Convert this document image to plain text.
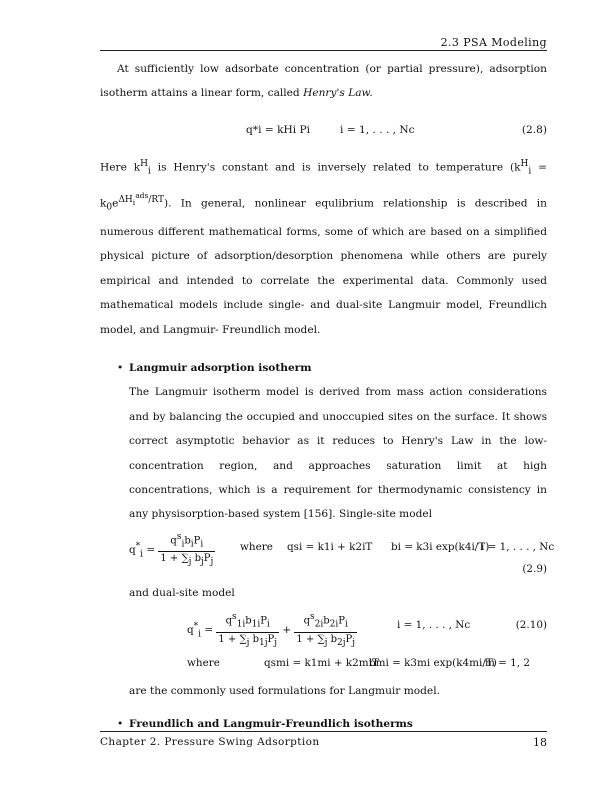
2.3 PSA Modeling

At sufficiently low adsorbate concentration (or partial pressure), adsorption isotherm attains a linear form, called Henry's Law.

q*i = kHi Pi	i = 1, . . . , Nc	(2.8)

Here $k^H_i$ is Henry's constant and is inversely related to temperature $(k^H_i = k_0e^{\Delta H_i^{ads}/RT})$. In general, nonlinear equlibrium relationship is described in numerous different mathematical forms, some of which are based on a simplified physical picture of adsorption/desorption phenomena while others are purely empirical and intended to correlate the experimental data. Commonly used mathematical models include single- and dual-site Langmuir model, Freundlich model, and Langmuir- Freundlich model.

• Langmuir adsorption isotherm
The Langmuir isotherm model is derived from mass action considerations and by balancing the occupied and unoccupied sites on the surface. It shows correct asymptotic behavior as it reduces to Henry's Law in the low-concentration region, and approaches saturation limit at high concentrations, which is a requirement for thermodynamic consistency in any physisorption-based system [156]. Single-site model
$q^*_i = \frac{q^s_ib_iP_i}{1 + \sum_j b_jP_j}$ where qsi = k1i + k2iT bi = k3i exp(k4i/T)
i = 1, . . . , Nc
(2.9)
and dual-site model
$q^*_i = \frac{q^s_{1i}b_{1i}P_i}{1 + \sum_j b_{1j}P_j} + \frac{q^s_{2i}b_{2i}P_i}{1 + \sum_j b_{2j}P_j}$	i = 1, . . . , Nc	(2.10)
where	qsmi = k1mi + k2miT
bmi = k3mi exp(k4mi/T)
m = 1, 2
are the commonly used formulations for Langmuir model.
• Freundlich and Langmuir-Freundlich isotherms
Chapter 2. Pressure Swing Adsorption	18
